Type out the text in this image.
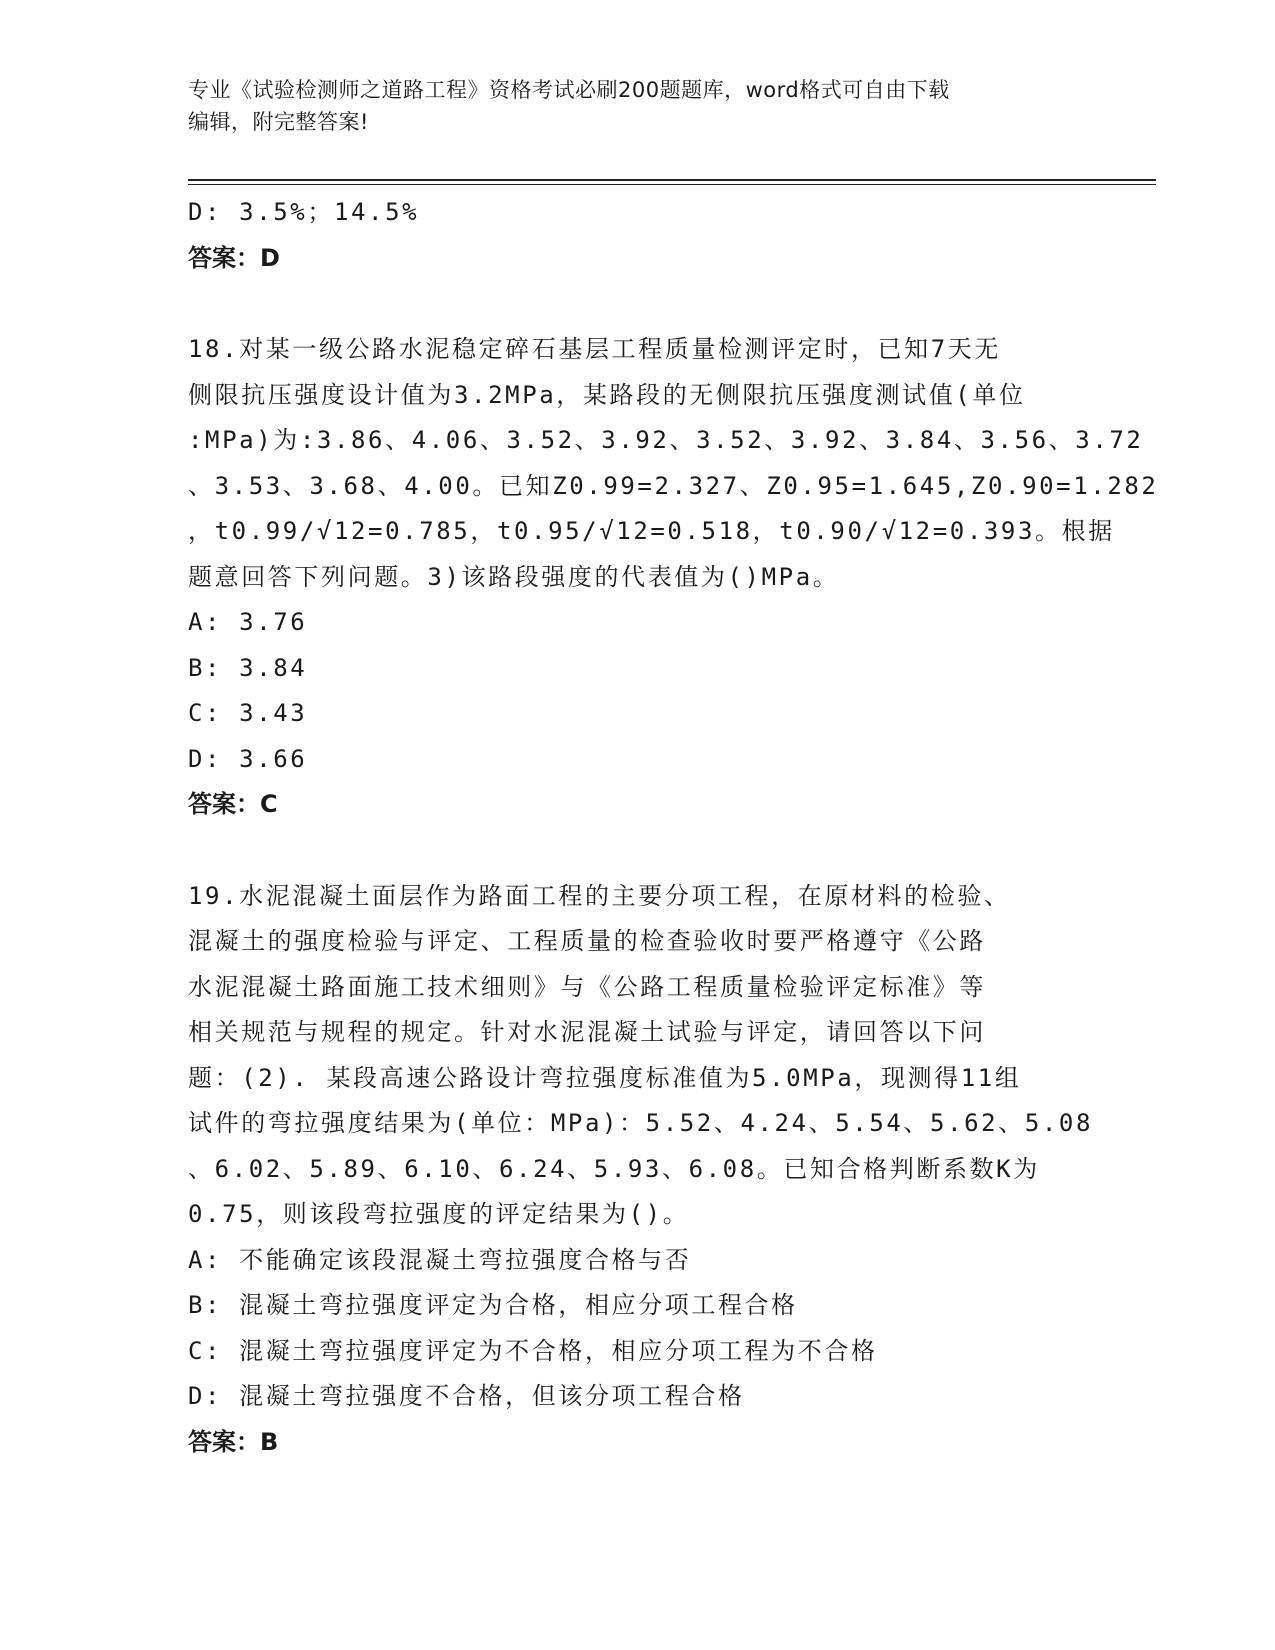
专业《试验检测师之道路工程》资格考试必刷200题题库，word格式可自由下载
编辑，附完整答案!
D: 3.5%；14.5%
答案：D
18.对某一级公路水泥稳定碎石基层工程质量检测评定时，已知7天无
侧限抗压强度设计值为3.2MPa，某路段的无侧限抗压强度测试值(单位
:MPa)为:3.86、4.06、3.52、3.92、3.52、3.92、3.84、3.56、3.72
、3.53、3.68、4.00。已知Z0.99=2.327、Z0.95=1.645,Z0.90=1.282
，t0.99/√12=0.785，t0.95/√12=0.518，t0.90/√12=0.393。根据
题意回答下列问题。3)该路段强度的代表值为()MPa。
A: 3.76
B: 3.84
C: 3.43
D: 3.66
答案：C
19.水泥混凝土面层作为路面工程的主要分项工程，在原材料的检验、
混凝土的强度检验与评定、工程质量的检查验收时要严格遵守《公路
水泥混凝土路面施工技术细则》与《公路工程质量检验评定标准》等
相关规范与规程的规定。针对水泥混凝土试验与评定，请回答以下问
题：(2). 某段高速公路设计弯拉强度标准值为5.0MPa，现测得11组
试件的弯拉强度结果为(单位：MPa)：5.52、4.24、5.54、5.62、5.08
、6.02、5.89、6.10、6.24、5.93、6.08。已知合格判断系数K为
0.75，则该段弯拉强度的评定结果为()。
A: 不能确定该段混凝土弯拉强度合格与否
B: 混凝土弯拉强度评定为合格，相应分项工程合格
C: 混凝土弯拉强度评定为不合格，相应分项工程为不合格
D: 混凝土弯拉强度不合格，但该分项工程合格
答案：B
